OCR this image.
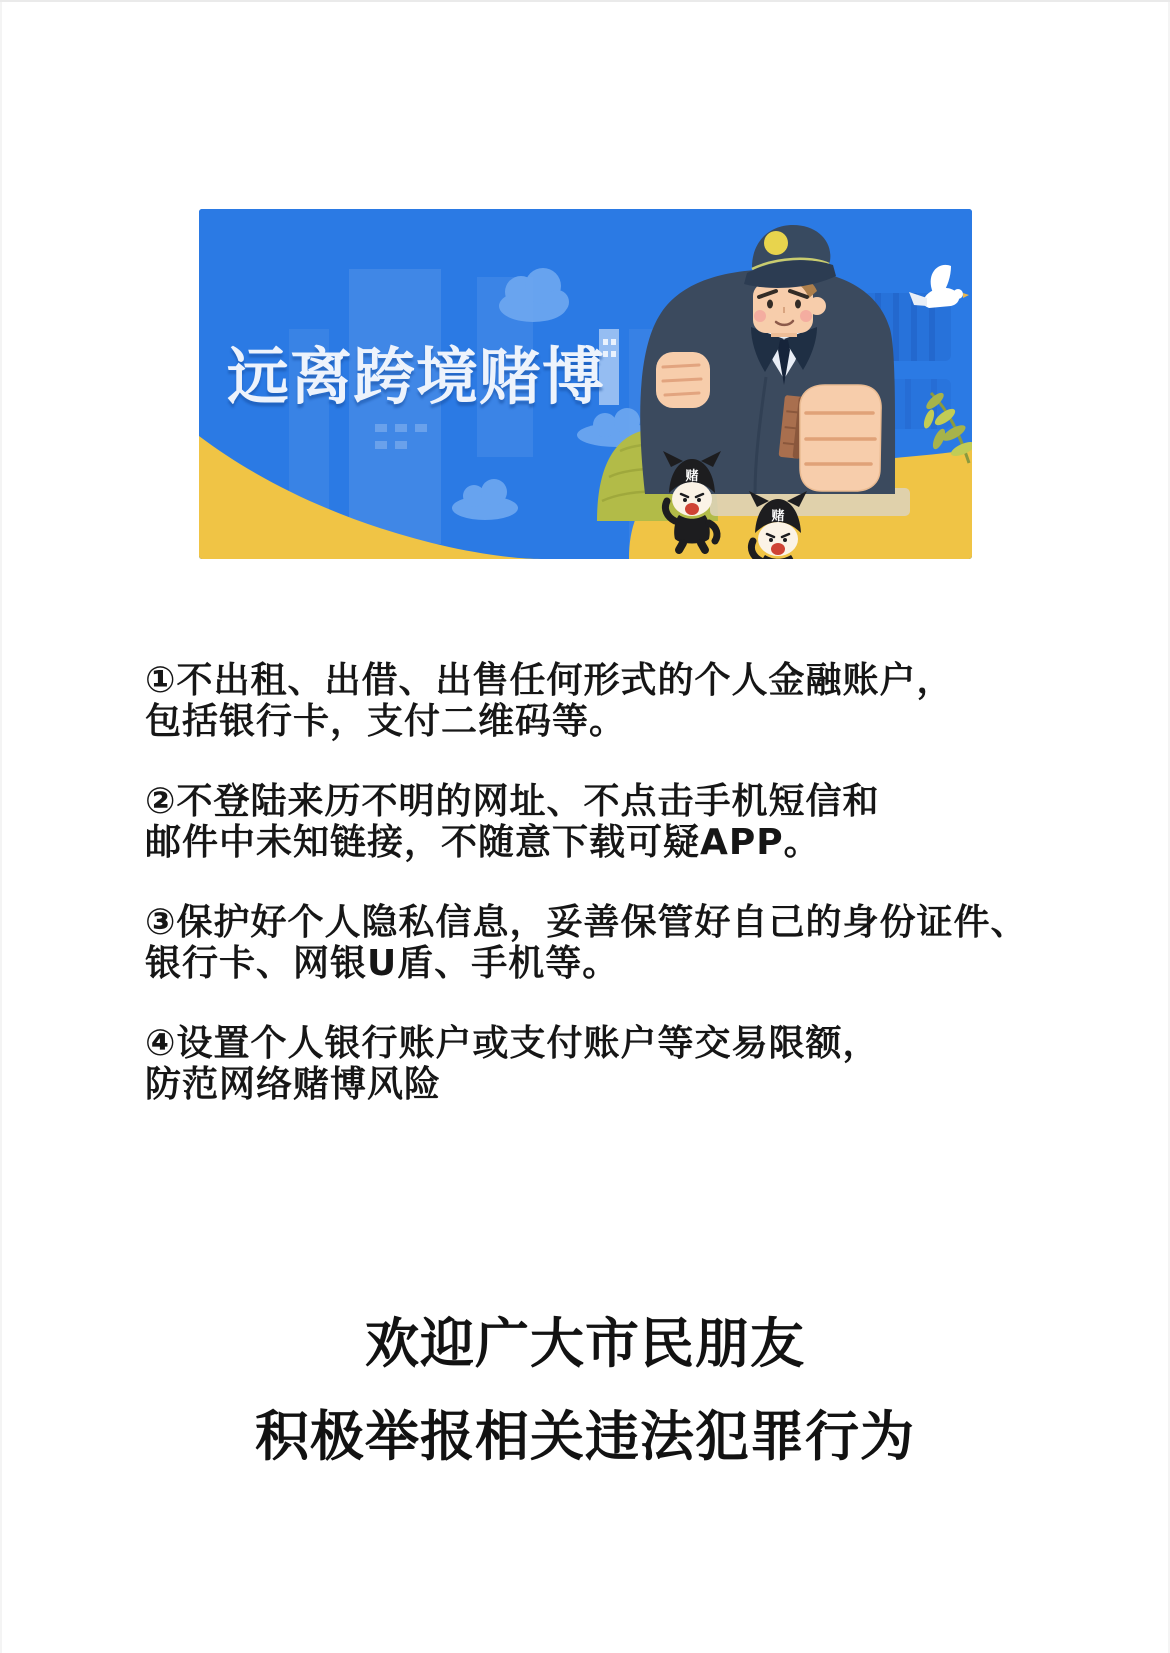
赌
赌
远离跨境赌博

①不出租、出借、出售任何形式的个人金融账户，
包括银行卡，支付二维码等。

②不登陆来历不明的网址、不点击手机短信和
邮件中未知链接，不随意下载可疑APP。

③保护好个人隐私信息，妥善保管好自己的身份证件、
银行卡、网银U盾、手机等。

④设置个人银行账户或支付账户等交易限额，
防范网络赌博风险

欢迎广大市民朋友
积极举报相关违法犯罪行为
